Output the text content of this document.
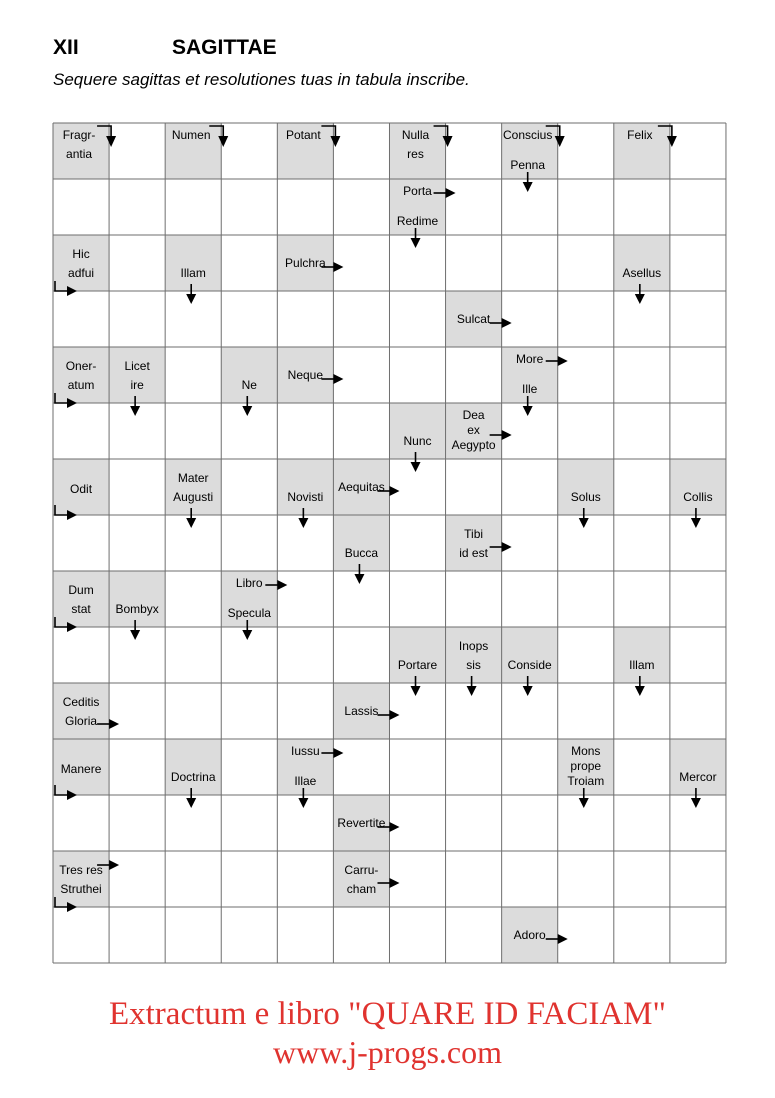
XII	SAGITTAE
Sequere sagittas et resolutiones tuas in tabula inscribe.
Fragr-
antia
Numen	Potant	Nulla
res
Conscius
Penna
Felix
Porta
Redime
Hic
adfui	Illam
Pulchra
Asellus
Sulcat
Oner-
atum
Licet
ire	Ne
Neque
More
Ille
Nunc
Dea
ex
Aegypto
Odit
Mater
Augusti	Novisti
Aequitas
Solus	Collis
Bucca
Tibi
id est
Dum
stat Bombyx
Libro
Specula
Portare
Inops
sis Conside	Illam
Ceditis
Gloria
Lassis
Manere
Doctrina
Iussu
Illae
Mons
prope
Troiam	Mercor
Revertite
Tres res
Struthei
Carru-
cham
Adoro
Extractum e libro "QUARE ID FACIAM"
www.j-progs.com
